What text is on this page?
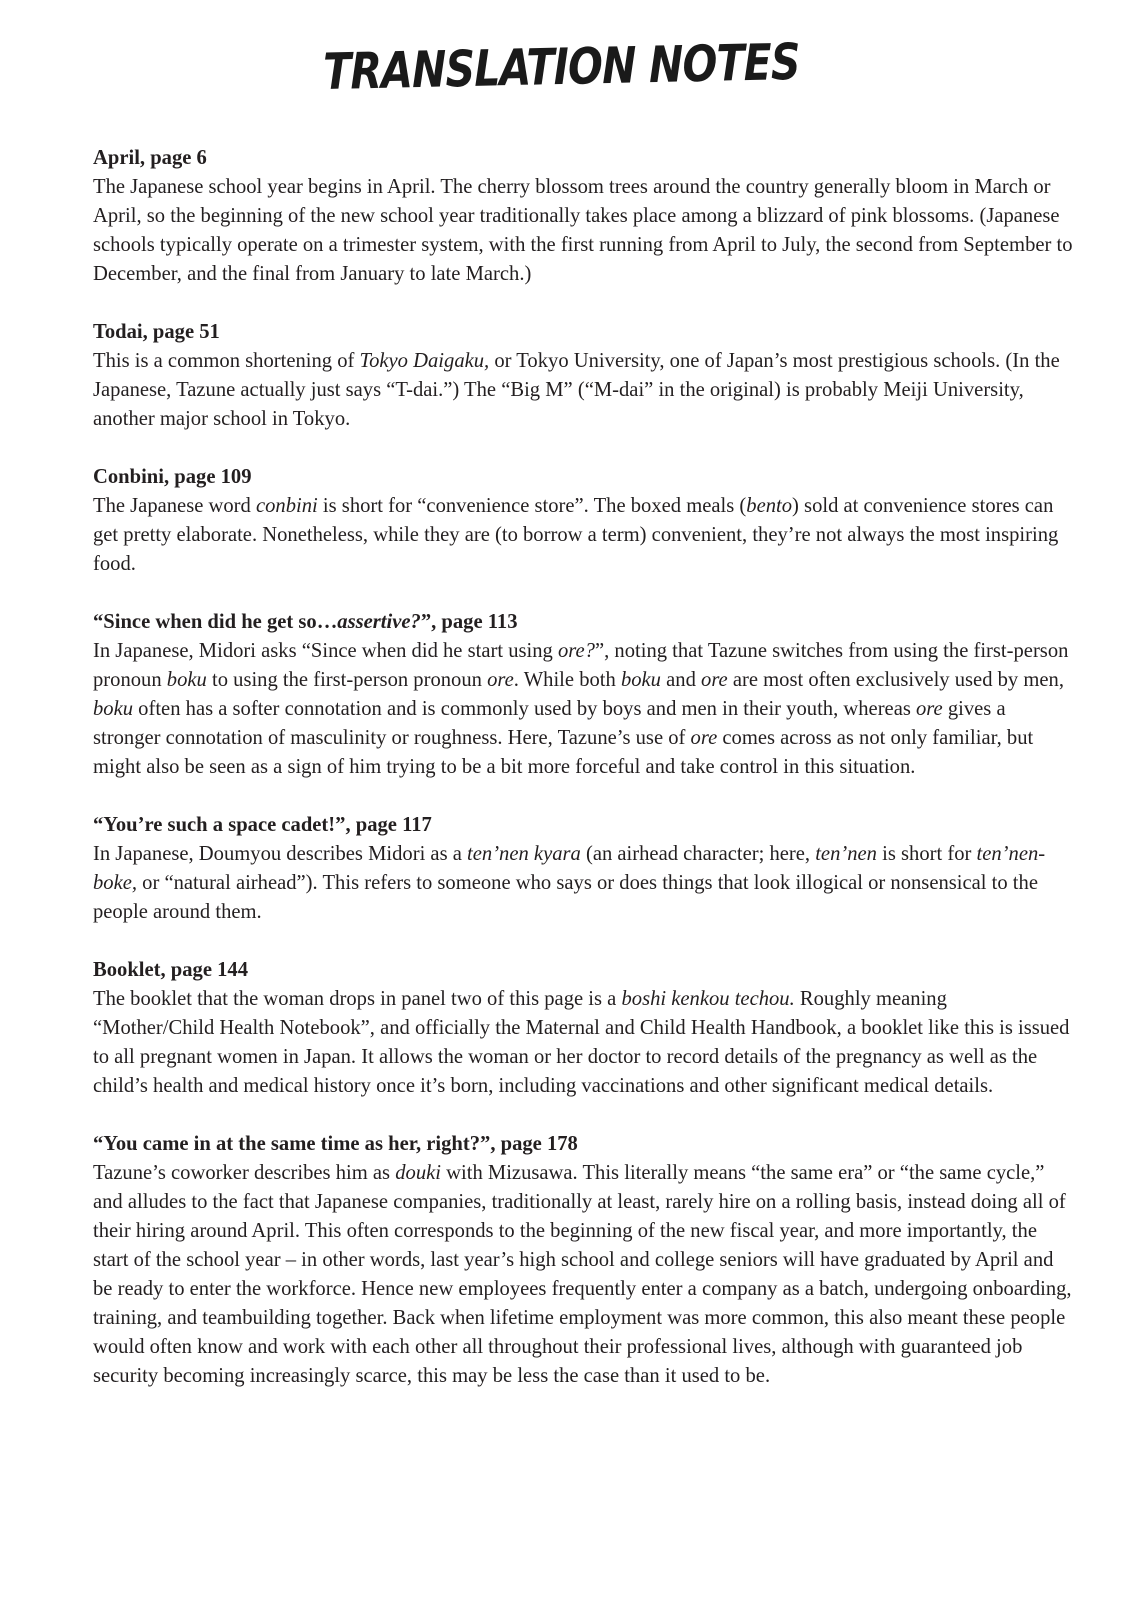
TRANSLATION NOTES

April, page 6

The Japanese school year begins in April. The cherry blossom trees around the country generally bloom in March or April, so the beginning of the new school year traditionally takes place among a blizzard of pink blossoms. (Japanese schools typically operate on a trimester system, with the first running from April to July, the second from September to December, and the final from January to late March.)

Todai, page 51

This is a common shortening of Tokyo Daigaku, or Tokyo University, one of Japan’s most prestigious schools. (In the Japanese, Tazune actually just says “T-dai.”) The “Big M” (“M-dai” in the original) is probably Meiji University, another major school in Tokyo.

Conbini, page 109

The Japanese word conbini is short for “convenience store”. The boxed meals (bento) sold at convenience stores can get pretty elaborate. Nonetheless, while they are (to borrow a term) convenient, they’re not always the most inspiring food.

“Since when did he get so…assertive?”, page 113

In Japanese, Midori asks “Since when did he start using ore?”, noting that Tazune switches from using the first-person pronoun boku to using the first-person pronoun ore. While both boku and ore are most often exclusively used by men, boku often has a softer connotation and is commonly used by boys and men in their youth, whereas ore gives a stronger connotation of masculinity or roughness. Here, Tazune’s use of ore comes across as not only familiar, but might also be seen as a sign of him trying to be a bit more forceful and take control in this situation.

“You’re such a space cadet!”, page 117

In Japanese, Doumyou describes Midori as a ten’nen kyara (an airhead character; here, ten’nen is short for ten’nen-boke, or “natural airhead”). This refers to someone who says or does things that look illogical or nonsensical to the people around them.

Booklet, page 144

The booklet that the woman drops in panel two of this page is a boshi kenkou techou. Roughly meaning “Mother/Child Health Notebook”, and officially the Maternal and Child Health Handbook, a booklet like this is issued to all pregnant women in Japan. It allows the woman or her doctor to record details of the pregnancy as well as the child’s health and medical history once it’s born, including vaccinations and other significant medical details.

“You came in at the same time as her, right?”, page 178

Tazune’s coworker describes him as douki with Mizusawa. This literally means “the same era” or “the same cycle,” and alludes to the fact that Japanese companies, traditionally at least, rarely hire on a rolling basis, instead doing all of their hiring around April. This often corresponds to the beginning of the new fiscal year, and more importantly, the start of the school year – in other words, last year’s high school and college seniors will have graduated by April and be ready to enter the workforce. Hence new employees frequently enter a company as a batch, undergoing onboarding, training, and teambuilding together. Back when lifetime employment was more common, this also meant these people would often know and work with each other all throughout their professional lives, although with guaranteed job security becoming increasingly scarce, this may be less the case than it used to be.
